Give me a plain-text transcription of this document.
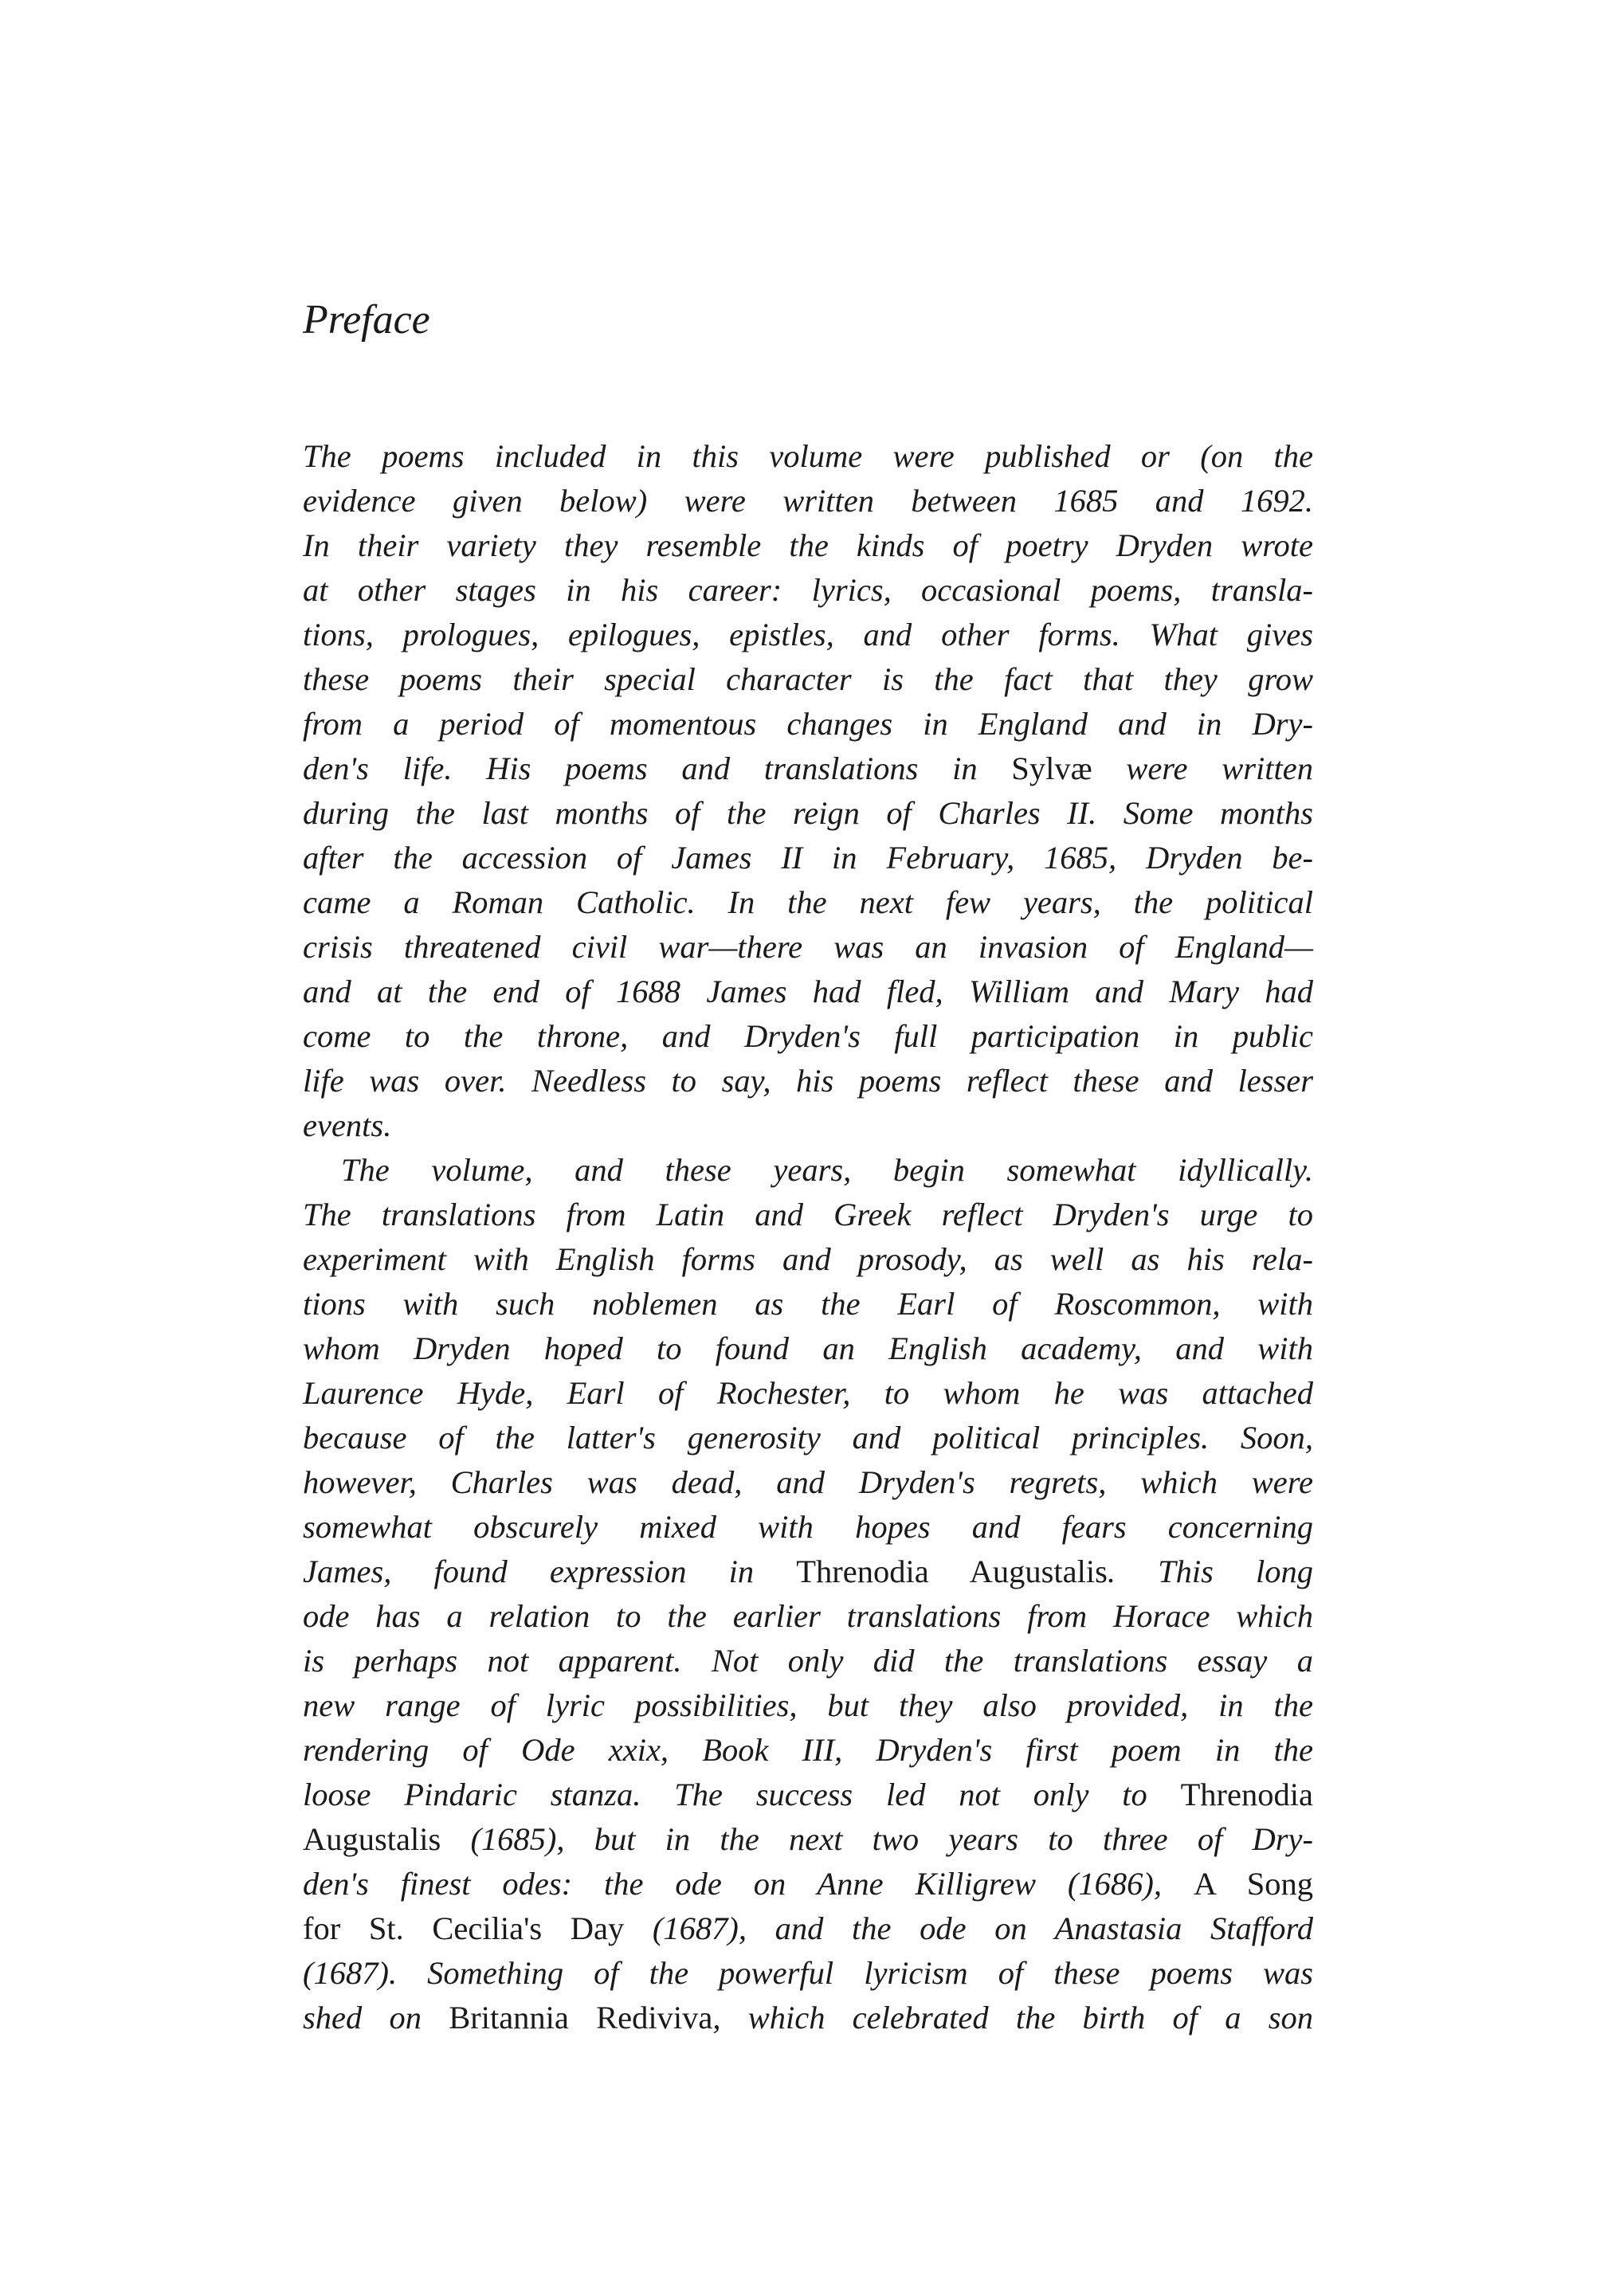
Preface
The poems included in this volume were published or (on the
evidence given below) were written between 1685 and 1692.
In their variety they resemble the kinds of poetry Dryden wrote
at other stages in his career: lyrics, occasional poems, transla-
tions, prologues, epilogues, epistles, and other forms. What gives
these poems their special character is the fact that they grow
from a period of momentous changes in England and in Dry-
den's life. His poems and translations in Sylvæ were written
during the last months of the reign of Charles II. Some months
after the accession of James II in February, 1685, Dryden be-
came a Roman Catholic. In the next few years, the political
crisis threatened civil war—there was an invasion of England—
and at the end of 1688 James had fled, William and Mary had
come to the throne, and Dryden's full participation in public
life was over. Needless to say, his poems reflect these and lesser
events.
The volume, and these years, begin somewhat idyllically.
The translations from Latin and Greek reflect Dryden's urge to
experiment with English forms and prosody, as well as his rela-
tions with such noblemen as the Earl of Roscommon, with
whom Dryden hoped to found an English academy, and with
Laurence Hyde, Earl of Rochester, to whom he was attached
because of the latter's generosity and political principles. Soon,
however, Charles was dead, and Dryden's regrets, which were
somewhat obscurely mixed with hopes and fears concerning
James, found expression in Threnodia Augustalis. This long
ode has a relation to the earlier translations from Horace which
is perhaps not apparent. Not only did the translations essay a
new range of lyric possibilities, but they also provided, in the
rendering of Ode xxix, Book III, Dryden's first poem in the
loose Pindaric stanza. The success led not only to Threnodia
Augustalis (1685), but in the next two years to three of Dry-
den's finest odes: the ode on Anne Killigrew (1686), A Song
for St. Cecilia's Day (1687), and the ode on Anastasia Stafford
(1687). Something of the powerful lyricism of these poems was
shed on Britannia Rediviva, which celebrated the birth of a son
